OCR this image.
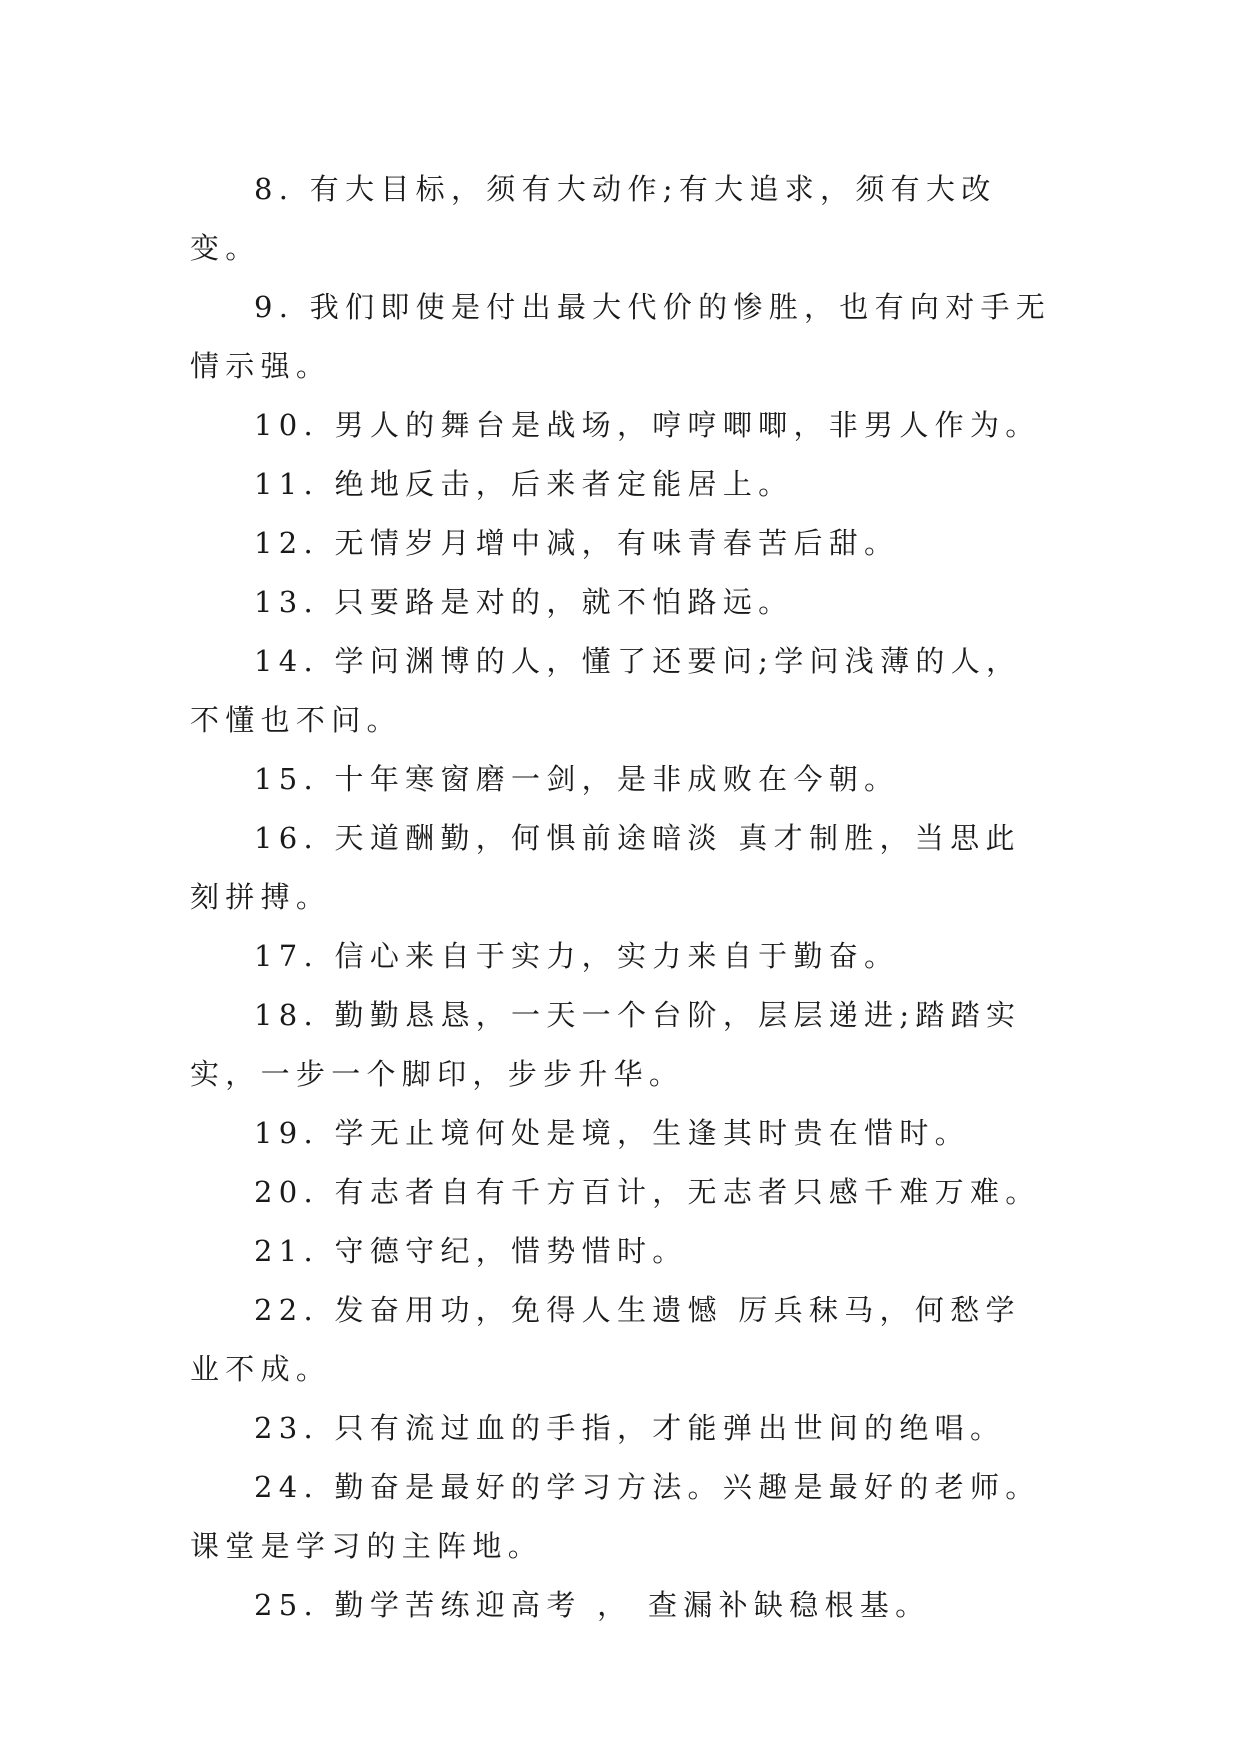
8. 有大目标，须有大动作;有大追求，须有大改变。

9. 我们即使是付出最大代价的惨胜，也有向对手无情示强。

10. 男人的舞台是战场，哼哼唧唧，非男人作为。

11. 绝地反击，后来者定能居上。

12. 无情岁月增中减，有味青春苦后甜。

13. 只要路是对的，就不怕路远。

14. 学问渊博的人，懂了还要问;学问浅薄的人，不懂也不问。

15. 十年寒窗磨一剑，是非成败在今朝。

16. 天道酬勤，何惧前途暗淡 真才制胜，当思此刻拼搏。

17. 信心来自于实力，实力来自于勤奋。

18. 勤勤恳恳，一天一个台阶，层层递进;踏踏实实，一步一个脚印，步步升华。

19. 学无止境何处是境，生逢其时贵在惜时。

20. 有志者自有千方百计，无志者只感千难万难。

21. 守德守纪，惜势惜时。

22. 发奋用功，免得人生遗憾 厉兵秣马，何愁学业不成。

23. 只有流过血的手指，才能弹出世间的绝唱。

24. 勤奋是最好的学习方法。兴趣是最好的老师。课堂是学习的主阵地。

25. 勤学苦练迎高考 ， 查漏补缺稳根基。
